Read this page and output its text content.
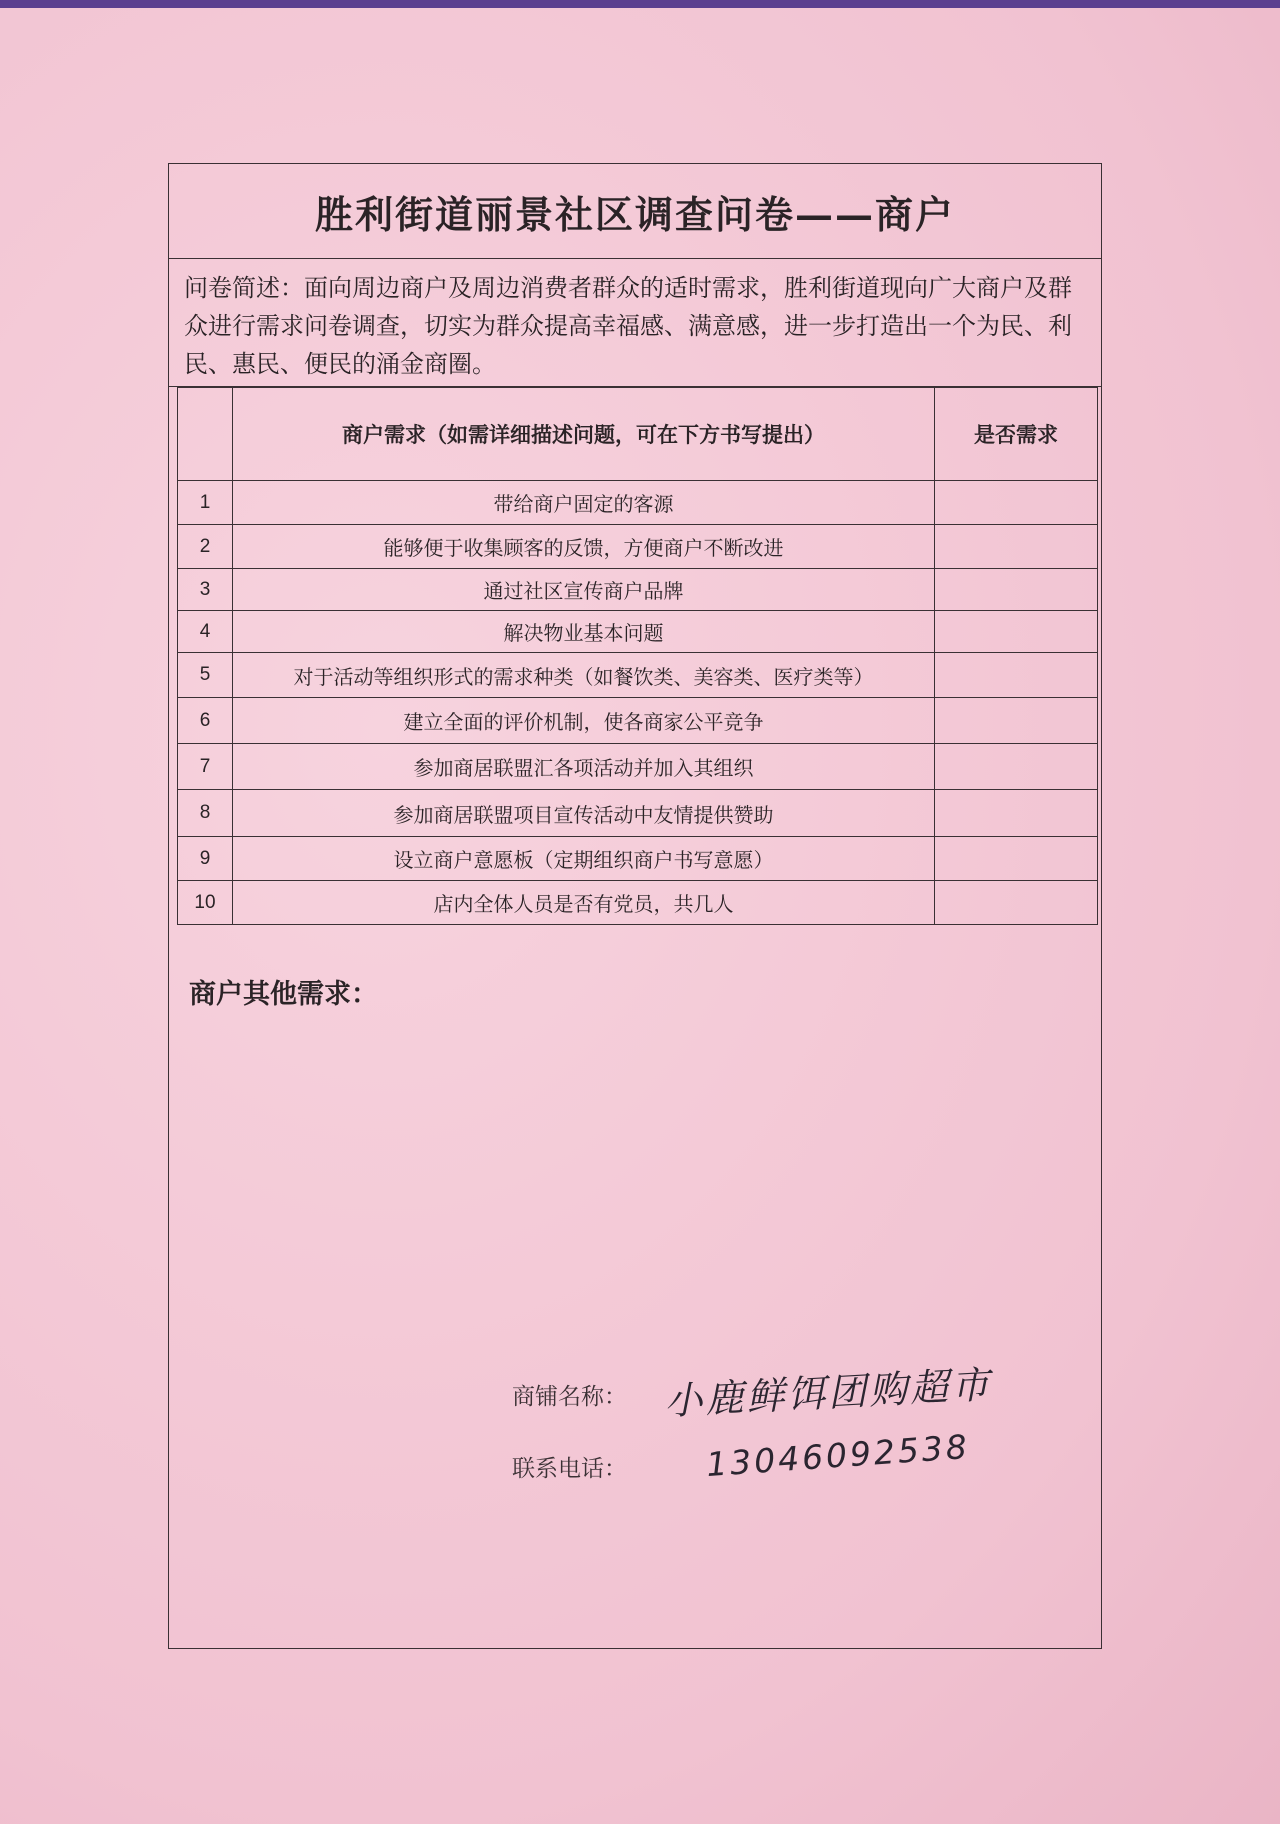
胜利街道丽景社区调查问卷——商户
问卷简述：面向周边商户及周边消费者群众的适时需求，胜利街道现向广大商户及群众进行需求问卷调查，切实为群众提高幸福感、满意感，进一步打造出一个为民、利民、惠民、便民的涌金商圈。
	商户需求（如需详细描述问题，可在下方书写提出）	是否需求
1	带给商户固定的客源	
2	能够便于收集顾客的反馈，方便商户不断改进	
3	通过社区宣传商户品牌	
4	解决物业基本问题	
5	对于活动等组织形式的需求种类（如餐饮类、美容类、医疗类等）	
6	建立全面的评价机制，使各商家公平竞争	
7	参加商居联盟汇各项活动并加入其组织	
8	参加商居联盟项目宣传活动中友情提供赞助	
9	设立商户意愿板（定期组织商户书写意愿）	
10	店内全体人员是否有党员，共几人	
商户其他需求：
商铺名称： 小鹿鲜饵团购超市
联系电话： 13046092538
